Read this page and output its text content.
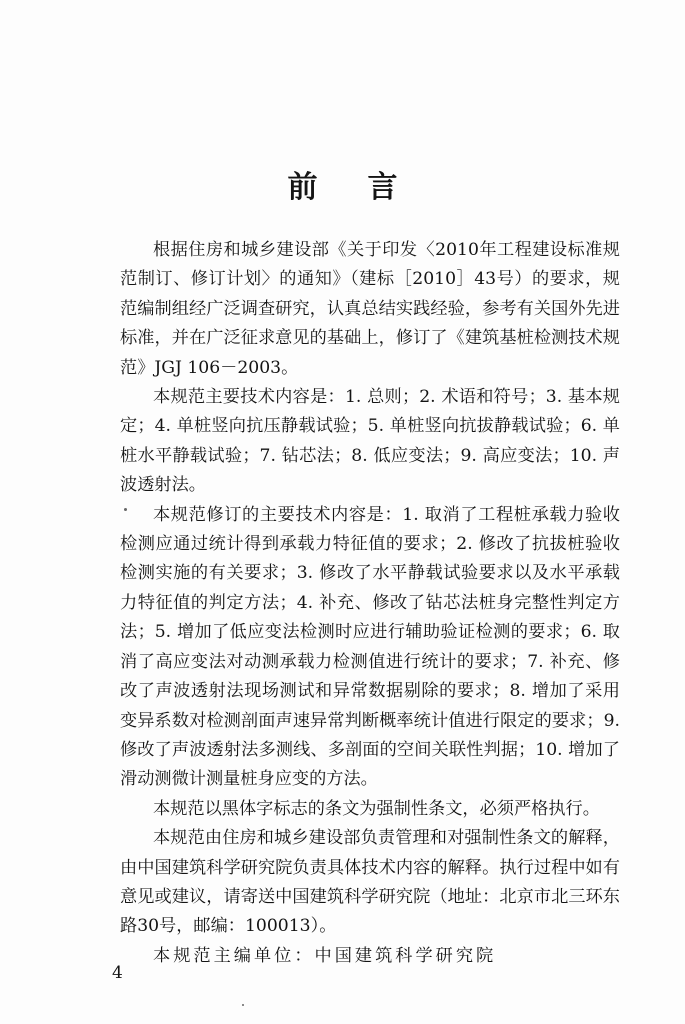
前言

根据住房和城乡建设部《关于印发〈2010年工程建设标准规范制订、修订计划〉的通知》（建标［2010］43号）的要求，规范编制组经广泛调查研究，认真总结实践经验，参考有关国外先进标准，并在广泛征求意见的基础上，修订了《建筑基桩检测技术规范》JGJ 106－2003。

本规范主要技术内容是：1. 总则；2. 术语和符号；3. 基本规定；4. 单桩竖向抗压静载试验；5. 单桩竖向抗拔静载试验；6. 单桩水平静载试验；7. 钻芯法；8. 低应变法；9. 高应变法；10. 声波透射法。

本规范修订的主要技术内容是：1. 取消了工程桩承载力验收检测应通过统计得到承载力特征值的要求；2. 修改了抗拔桩验收检测实施的有关要求；3. 修改了水平静载试验要求以及水平承载力特征值的判定方法；4. 补充、修改了钻芯法桩身完整性判定方法；5. 增加了低应变法检测时应进行辅助验证检测的要求；6. 取消了高应变法对动测承载力检测值进行统计的要求；7. 补充、修改了声波透射法现场测试和异常数据剔除的要求；8. 增加了采用变异系数对检测剖面声速异常判断概率统计值进行限定的要求；9. 修改了声波透射法多测线、多剖面的空间关联性判据；10. 增加了滑动测微计测量桩身应变的方法。

本规范以黑体字标志的条文为强制性条文，必须严格执行。

本规范由住房和城乡建设部负责管理和对强制性条文的解释，由中国建筑科学研究院负责具体技术内容的解释。执行过程中如有意见或建议，请寄送中国建筑科学研究院（地址：北京市北三环东路30号，邮编：100013）。

本规范主编单位：中国建筑科学研究院

4
